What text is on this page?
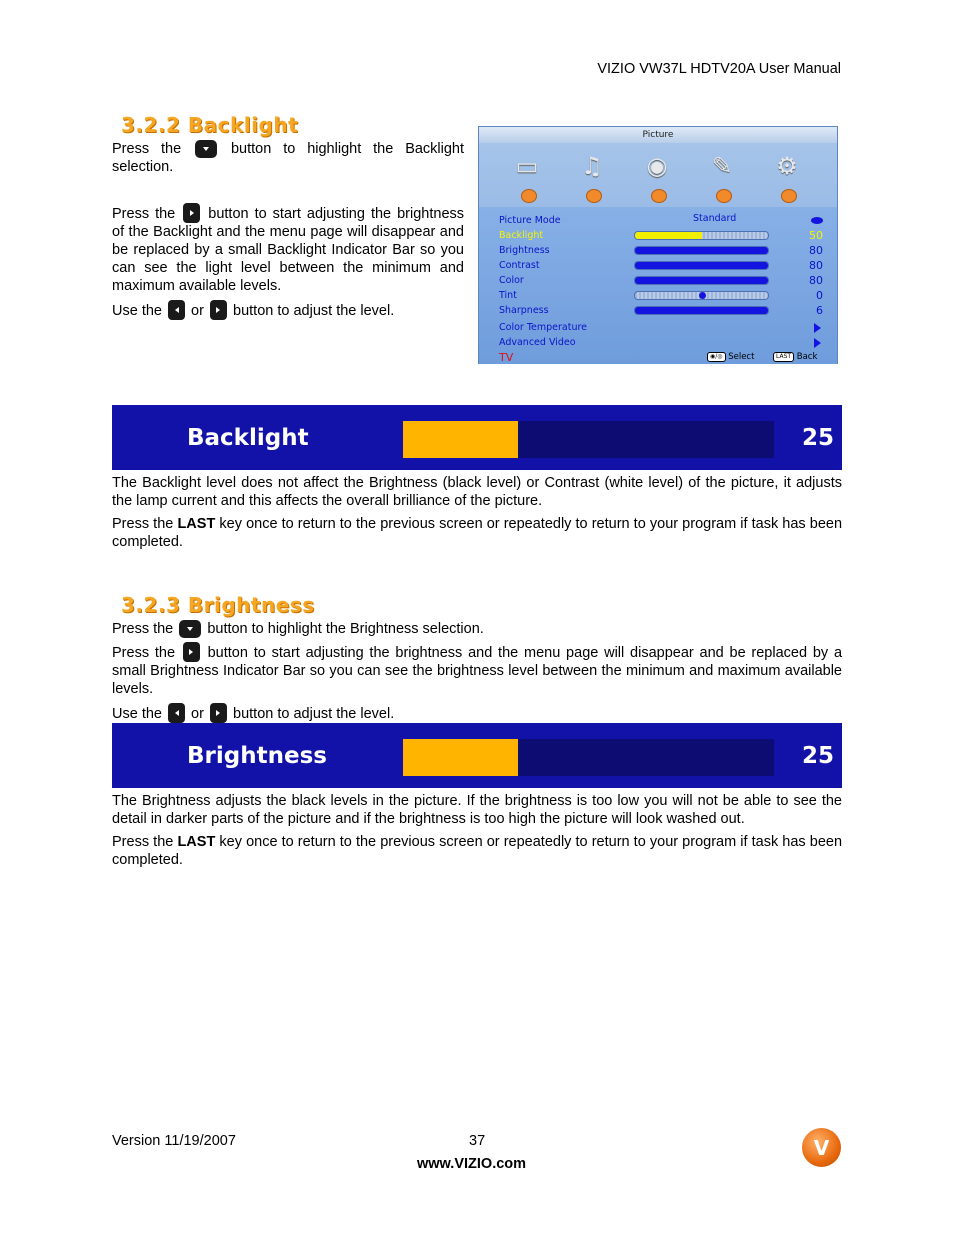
VIZIO VW37L HDTV20A User Manual
3.2.2 Backlight

Press the	button to highlight the Backlight selection.

Press the button to start adjusting the brightness of the Backlight and the menu page will disappear and be replaced by a small Backlight Indicator Bar so you can see the light level between the minimum and maximum available levels.

Use the or button to adjust the level.

Picture
▭	♫	◉	✎	⚙
Picture Mode	Standard
Backlight	50
Brightness	80
Contrast	80
Color	80
Tint	0
Sharpness	6
Color Temperature
Advanced Video
TV	◉/◎ Select	LAST Back
Backlight	25

The Backlight level does not affect the Brightness (black level) or Contrast (white level) of the picture, it adjusts the lamp current and this affects the overall brilliance of the picture.

Press the LAST key once to return to the previous screen or repeatedly to return to your program if task has been completed.

3.2.3 Brightness

Press the button to highlight the Brightness selection.

Press the button to start adjusting the brightness and the menu page will disappear and be replaced by a small Brightness Indicator Bar so you can see the brightness level between the minimum and maximum available levels.

Use the or button to adjust the level.

Brightness	25

The Brightness adjusts the black levels in the picture. If the brightness is too low you will not be able to see the detail in darker parts of the picture and if the brightness is too high the picture will look washed out.

Press the LAST key once to return to the previous screen or repeatedly to return to your program if task has been completed.

Version 11/19/2007	37
www.VIZIO.com
V
